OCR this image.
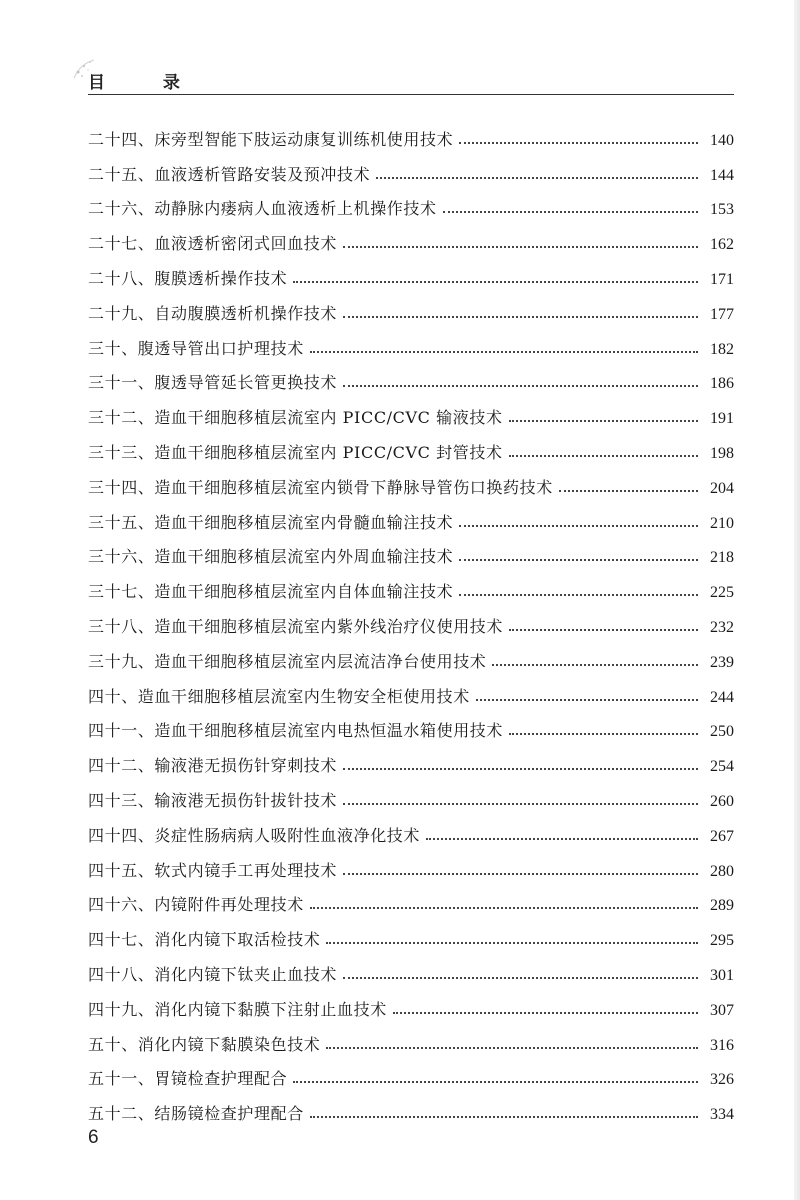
目 录
二十四、床旁型智能下肢运动康复训练机使用技术	140
二十五、血液透析管路安装及预冲技术	144
二十六、动静脉内瘘病人血液透析上机操作技术	153
二十七、血液透析密闭式回血技术	162
二十八、腹膜透析操作技术	171
二十九、自动腹膜透析机操作技术	177
三十、腹透导管出口护理技术	182
三十一、腹透导管延长管更换技术	186
三十二、造血干细胞移植层流室内 PICC/CVC 输液技术	191
三十三、造血干细胞移植层流室内 PICC/CVC 封管技术	198
三十四、造血干细胞移植层流室内锁骨下静脉导管伤口换药技术	204
三十五、造血干细胞移植层流室内骨髓血输注技术	210
三十六、造血干细胞移植层流室内外周血输注技术	218
三十七、造血干细胞移植层流室内自体血输注技术	225
三十八、造血干细胞移植层流室内紫外线治疗仪使用技术	232
三十九、造血干细胞移植层流室内层流洁净台使用技术	239
四十、造血干细胞移植层流室内生物安全柜使用技术	244
四十一、造血干细胞移植层流室内电热恒温水箱使用技术	250
四十二、输液港无损伤针穿刺技术	254
四十三、输液港无损伤针拔针技术	260
四十四、炎症性肠病病人吸附性血液净化技术	267
四十五、软式内镜手工再处理技术	280
四十六、内镜附件再处理技术	289
四十七、消化内镜下取活检技术	295
四十八、消化内镜下钛夹止血技术	301
四十九、消化内镜下黏膜下注射止血技术	307
五十、消化内镜下黏膜染色技术	316
五十一、胃镜检查护理配合	326
五十二、结肠镜检查护理配合	334
6
